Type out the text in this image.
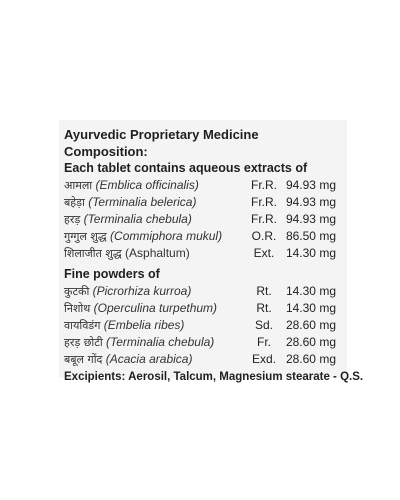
Ayurvedic Proprietary Medicine
Composition:
Each tablet contains aqueous extracts of
आमला (Emblica officinalis)	Fr.R. 94.93 mg
बहेड़ा (Terminalia belerica)	Fr.R. 94.93 mg
हरड़ (Terminalia chebula)	Fr.R. 94.93 mg
गुग्गुल शुद्ध (Commiphora mukul)	O.R. 86.50 mg
शिलाजीत शुद्ध (Asphaltum)	Ext. 14.30 mg
Fine powders of
कुटकी (Picrorhiza kurroa)	Rt.	14.30 mg
निशोथ (Operculina turpethum)	Rt.	14.30 mg
वायविडंग (Embelia ribes)	Sd.	28.60 mg
हरड़ छोटी (Terminalia chebula)	Fr.	28.60 mg
बबूल गोंद (Acacia arabica)	Exd. 28.60 mg
Excipients: Aerosil, Talcum, Magnesium stearate - Q.S.
